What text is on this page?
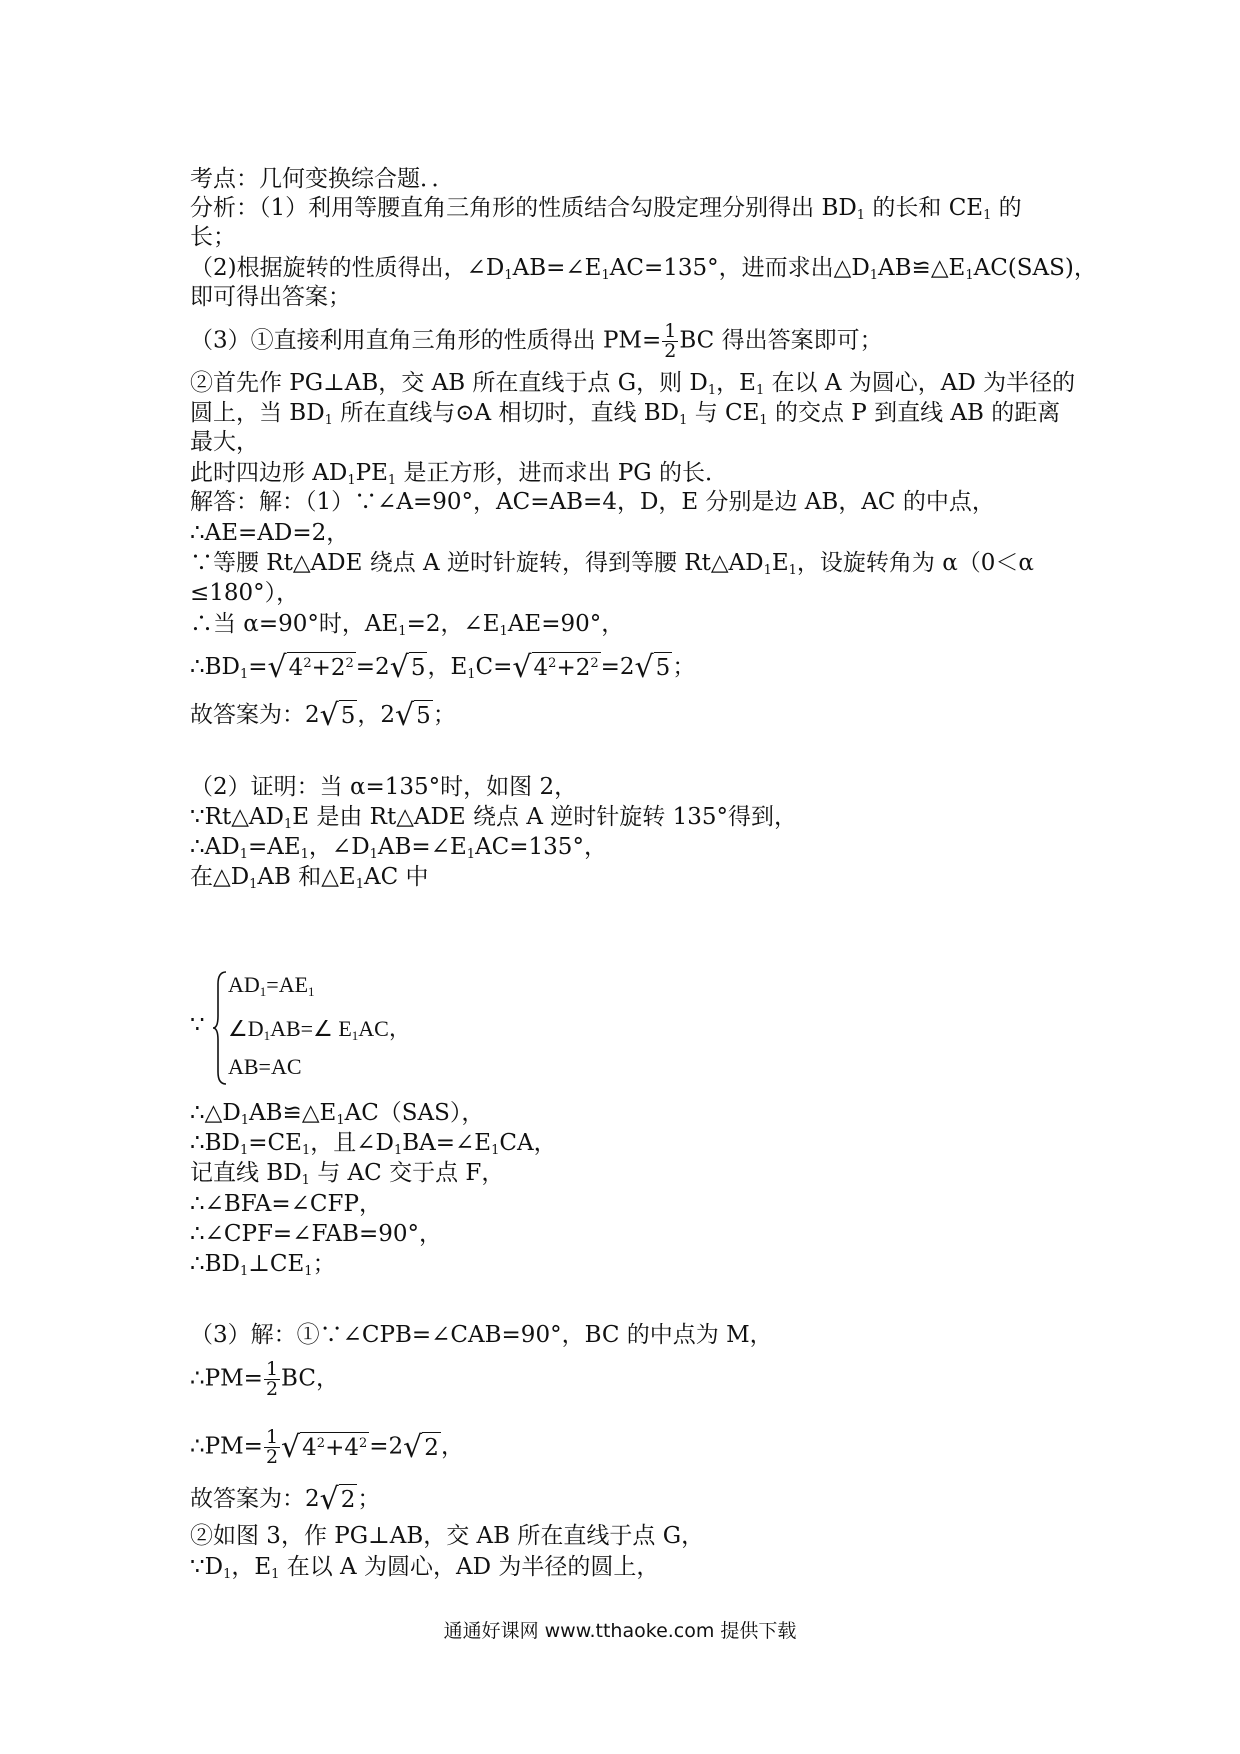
考点：几何变换综合题．．
分析：（1）利用等腰直角三角形的性质结合勾股定理分别得出 $BD_1$ 的长和 $CE_1$ 的
长；
（2)根据旋转的性质得出，$\angle D_1AB=\angle E_1AC=135^\circ$，进而求出$\triangle D_1AB≌\triangle E_1AC(SAS)$，
即可得出答案；
（3）①直接利用直角三角形的性质得出 $PM= \frac{1}{2}$ BC 得出答案即可；
②首先作 PG⊥AB，交 AB 所在直线于点 G，则 $D_1$，$E_1$ 在以 A 为圆心，AD 为半径的
圆上，当 $BD_1$ 所在直线与⊙A 相切时，直线 $BD_1$ 与 $CE_1$ 的交点 P 到直线 AB 的距离
最大，
此时四边形 $AD_1PE_1$ 是正方形，进而求出 PG 的长．
解答：解：（1）∵∠A=90°，AC=AB=4，D，E 分别是边 AB，AC 的中点，
∴AE=AD=2，
∵等腰 Rt△ADE 绕点 A 逆时针旋转，得到等腰 $Rt\triangle AD_1E_1$，设旋转角为 α（0＜α
≤180°），
∴当 α=90°时，$AE_1=2$，$\angle E_1AE=90^\circ$，
$\therefore BD_1=√4^2+2^2=2√5$，$E_1C=√4^2+2^2=2√5$；
故答案为：2√5，2√5；
（2）证明：当 α=135°时，如图 2，
$\because Rt\triangle AD_1E$ 是由 Rt△ADE 绕点 A 逆时针旋转 135°得到，
$\therefore AD_1=AE_1$，$\angle D_1AB=\angle E_1AC=135^\circ$，
在$\triangle D_1AB$ 和$\triangle E_1AC$ 中
∵
$AD_1=AE_1$
$\angle D_1AB=\angle$ $E_1AC$，
AB=AC
$\therefore\triangle D_1AB≌\triangle E_1AC(SAS)$，
$\therefore BD_1=CE_1$，且$\angle D_1BA=\angle E_1CA$，
记直线 $BD_1$ 与 AC 交于点 F，
∴∠BFA=∠CFP，
∴∠CPF=∠FAB=90°，
$\therefore BD_1\perp CE_1$；
（3）解：①∵∠CPB=∠CAB=90°，BC 的中点为 M，
∴PM= $\frac{1}{2}$ BC，
∴PM= $\frac{1}{2} √4^2+4^2=2√2$，
故答案为：2√2；
②如图 3，作 PG⊥AB，交 AB 所在直线于点 G，
$\because D_1$，$E_1$ 在以 A 为圆心，AD 为半径的圆上，
通通好课网 www.tthaoke.com 提供下载
